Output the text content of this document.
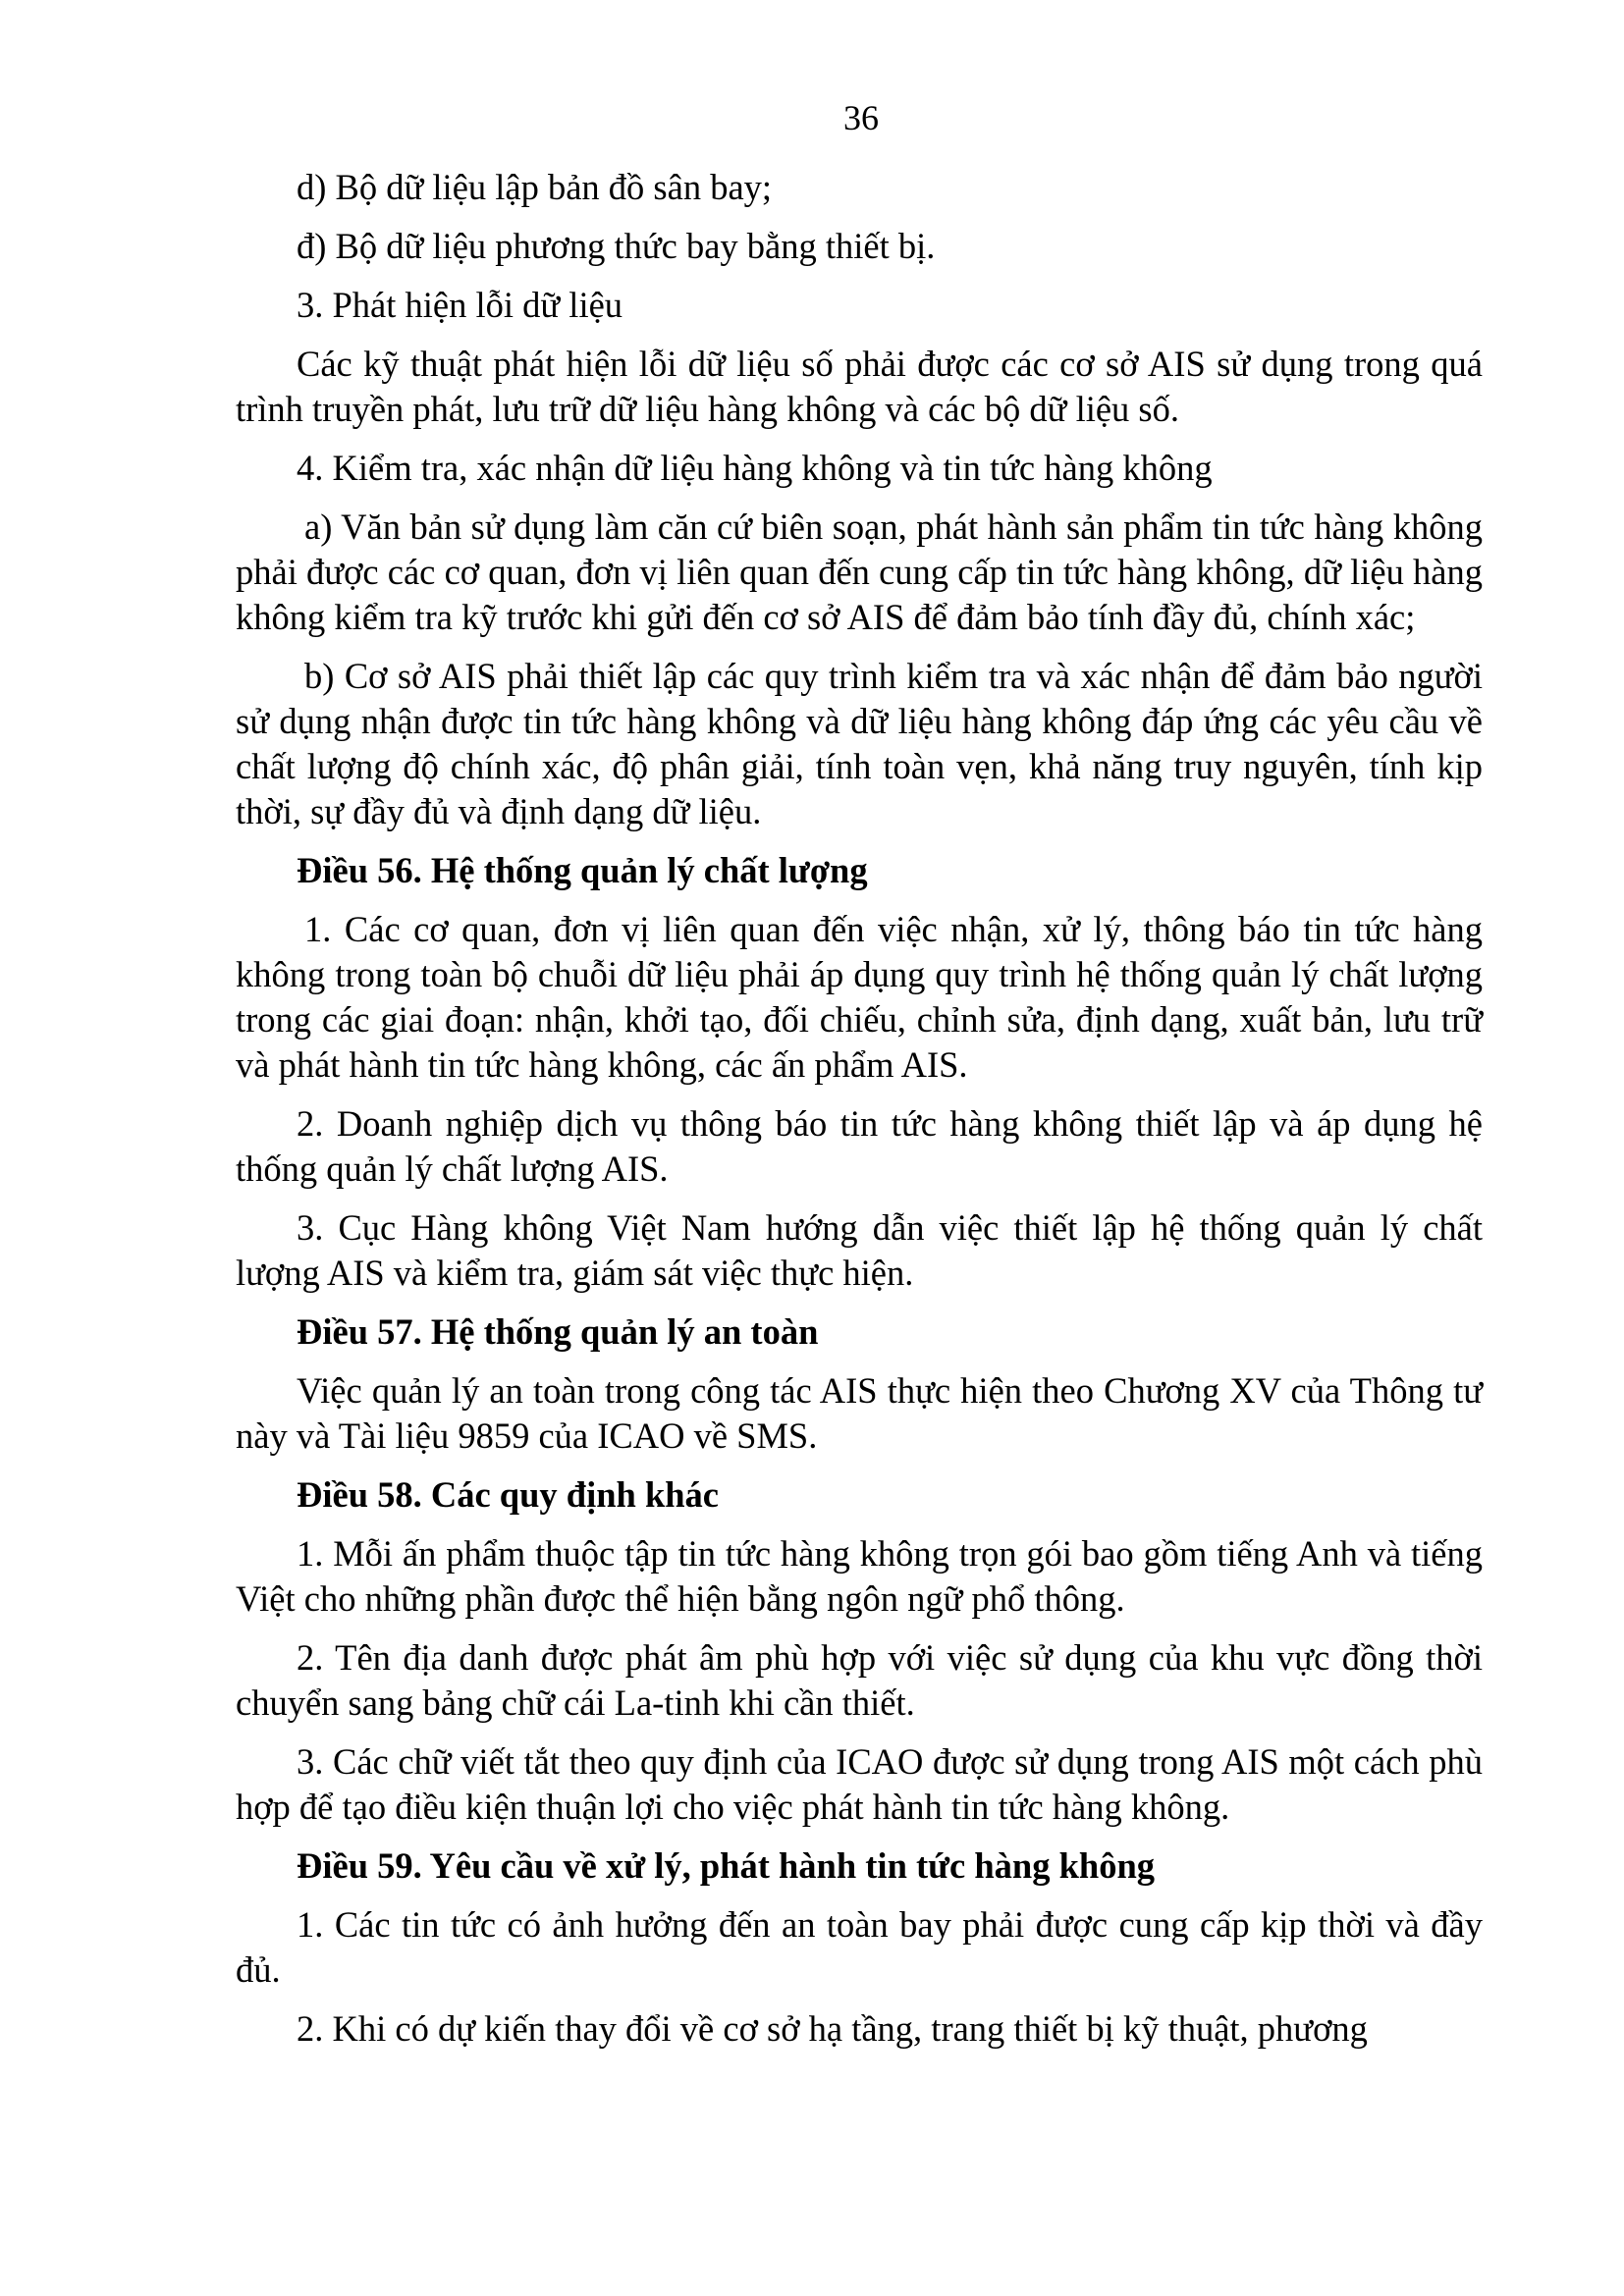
36

d) Bộ dữ liệu lập bản đồ sân bay;

đ) Bộ dữ liệu phương thức bay bằng thiết bị.

3. Phát hiện lỗi dữ liệu

Các kỹ thuật phát hiện lỗi dữ liệu số phải được các cơ sở AIS sử dụng trong quá trình truyền phát, lưu trữ dữ liệu hàng không và các bộ dữ liệu số.

4. Kiểm tra, xác nhận dữ liệu hàng không và tin tức hàng không

a) Văn bản sử dụng làm căn cứ biên soạn, phát hành sản phẩm tin tức hàng không phải được các cơ quan, đơn vị liên quan đến cung cấp tin tức hàng không, dữ liệu hàng không kiểm tra kỹ trước khi gửi đến cơ sở AIS để đảm bảo tính đầy đủ, chính xác;

b) Cơ sở AIS phải thiết lập các quy trình kiểm tra và xác nhận để đảm bảo người sử dụng nhận được tin tức hàng không và dữ liệu hàng không đáp ứng các yêu cầu về chất lượng độ chính xác, độ phân giải, tính toàn vẹn, khả năng truy nguyên, tính kịp thời, sự đầy đủ và định dạng dữ liệu.

Điều 56. Hệ thống quản lý chất lượng

1. Các cơ quan, đơn vị liên quan đến việc nhận, xử lý, thông báo tin tức hàng không trong toàn bộ chuỗi dữ liệu phải áp dụng quy trình hệ thống quản lý chất lượng trong các giai đoạn: nhận, khởi tạo, đối chiếu, chỉnh sửa, định dạng, xuất bản, lưu trữ và phát hành tin tức hàng không, các ấn phẩm AIS.

2. Doanh nghiệp dịch vụ thông báo tin tức hàng không thiết lập và áp dụng hệ thống quản lý chất lượng AIS.

3. Cục Hàng không Việt Nam hướng dẫn việc thiết lập hệ thống quản lý chất lượng AIS và kiểm tra, giám sát việc thực hiện.

Điều 57. Hệ thống quản lý an toàn

Việc quản lý an toàn trong công tác AIS thực hiện theo Chương XV của Thông tư này và Tài liệu 9859 của ICAO về SMS.

Điều 58. Các quy định khác

1. Mỗi ấn phẩm thuộc tập tin tức hàng không trọn gói bao gồm tiếng Anh và tiếng Việt cho những phần được thể hiện bằng ngôn ngữ phổ thông.

2. Tên địa danh được phát âm phù hợp với việc sử dụng của khu vực đồng thời chuyển sang bảng chữ cái La-tinh khi cần thiết.

3. Các chữ viết tắt theo quy định của ICAO được sử dụng trong AIS một cách phù hợp để tạo điều kiện thuận lợi cho việc phát hành tin tức hàng không.

Điều 59. Yêu cầu về xử lý, phát hành tin tức hàng không

1. Các tin tức có ảnh hưởng đến an toàn bay phải được cung cấp kịp thời và đầy đủ.

2. Khi có dự kiến thay đổi về cơ sở hạ tầng, trang thiết bị kỹ thuật, phương
